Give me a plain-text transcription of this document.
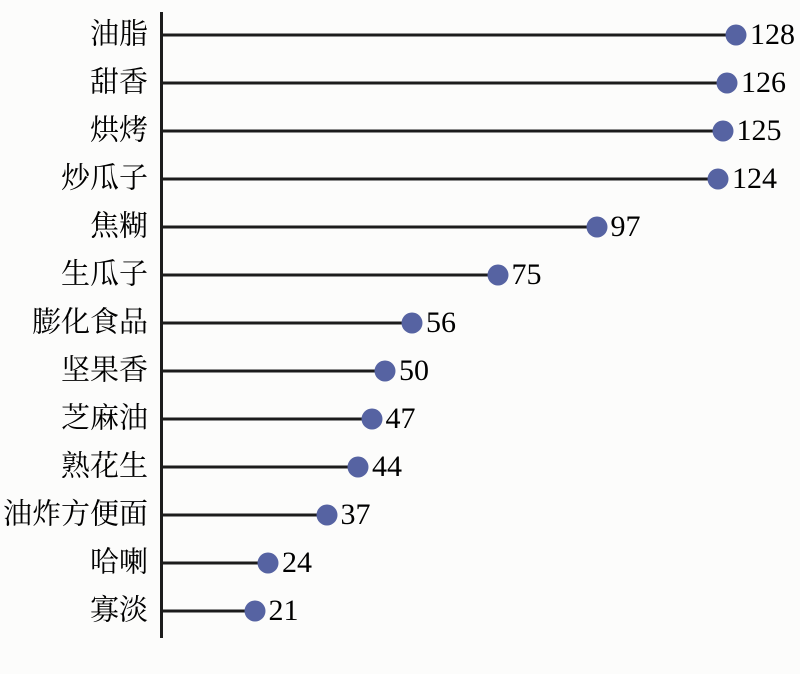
油脂	128
甜香	126
烘烤	125
炒瓜子	124
焦糊	97
生瓜子	75
膨化食品	56
坚果香	50
芝麻油	47
熟花生	44
油炸方便面	37
哈喇	24
寡淡	21
